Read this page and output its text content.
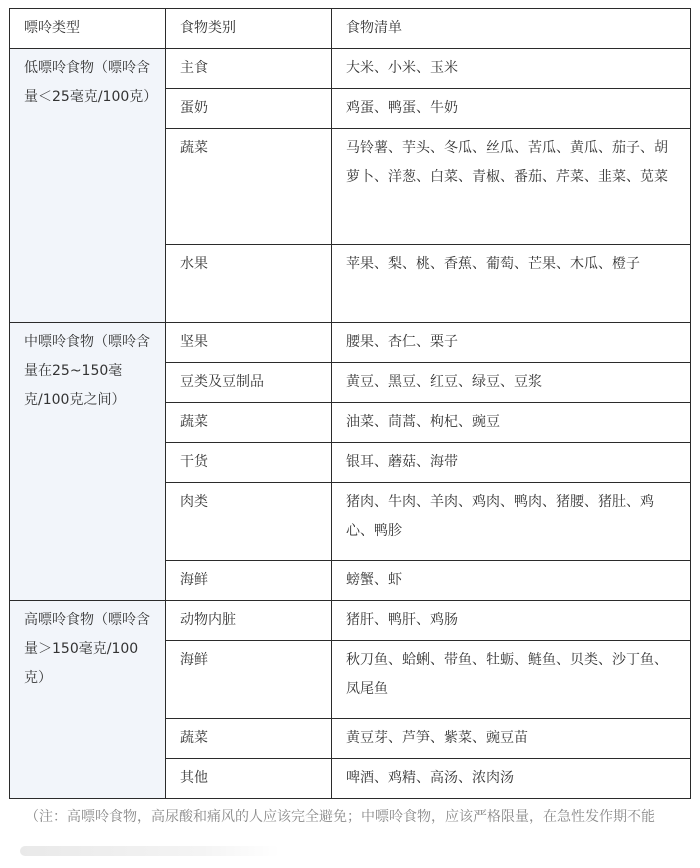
嘌呤类型	食物类别	食物清单
低嘌呤食物（嘌呤含量＜25毫克/100克）	主食	大米、小米、玉米
	蛋奶	鸡蛋、鸭蛋、牛奶
	蔬菜	马铃薯、芋头、冬瓜、丝瓜、苦瓜、黄瓜、茄子、胡萝卜、洋葱、白菜、青椒、番茄、芹菜、韭菜、苋菜
	水果	苹果、梨、桃、香蕉、葡萄、芒果、木瓜、橙子
中嘌呤食物（嘌呤含量在25~150毫克/100克之间）	坚果	腰果、杏仁、栗子
	豆类及豆制品	黄豆、黑豆、红豆、绿豆、豆浆
	蔬菜	油菜、茼蒿、枸杞、豌豆
	干货	银耳、蘑菇、海带
	肉类	猪肉、牛肉、羊肉、鸡肉、鸭肉、猪腰、猪肚、鸡心、鸭胗
	海鲜	螃蟹、虾
高嘌呤食物（嘌呤含量＞150毫克/100克）	动物内脏	猪肝、鸭肝、鸡肠
	海鲜	秋刀鱼、蛤蜊、带鱼、牡蛎、鲢鱼、贝类、沙丁鱼、凤尾鱼
	蔬菜	黄豆芽、芦笋、紫菜、豌豆苗
	其他	啤酒、鸡精、高汤、浓肉汤
（注：高嘌呤食物，高尿酸和痛风的人应该完全避免；中嘌呤食物，应该严格限量，在急性发作期不能
